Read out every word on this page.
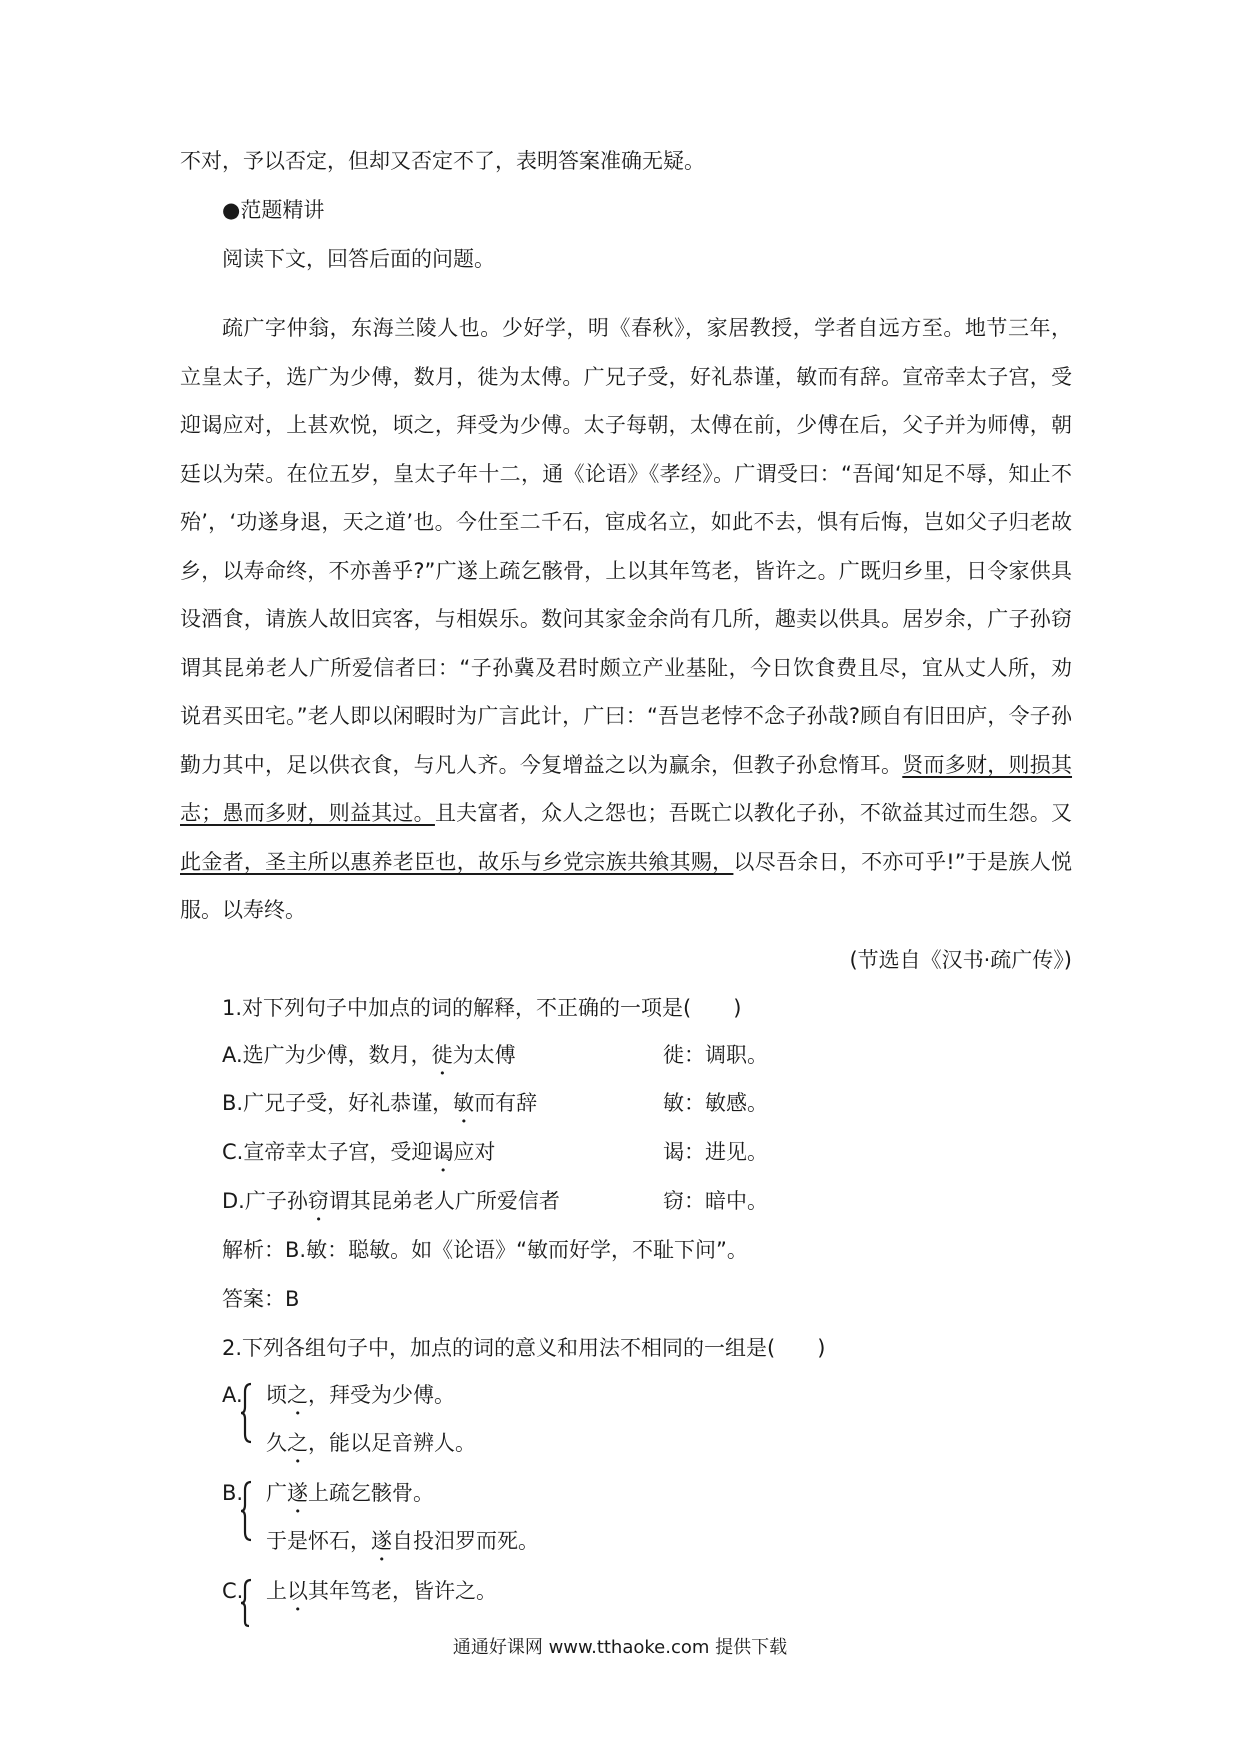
不对，予以否定，但却又否定不了，表明答案准确无疑。
●范题精讲
阅读下文，回答后面的问题。
疏广字仲翁，东海兰陵人也。少好学，明《春秋》，家居教授，学者自远方至。地节三年，立皇太子，选广为少傅，数月，徙为太傅。广兄子受，好礼恭谨，敏而有辞。宣帝幸太子宫，受迎谒应对，上甚欢悦，顷之，拜受为少傅。太子每朝，太傅在前，少傅在后，父子并为师傅，朝廷以为荣。在位五岁，皇太子年十二，通《论语》《孝经》。广谓受曰：“吾闻‘知足不辱，知止不殆’，‘功遂身退，天之道’也。今仕至二千石，宦成名立，如此不去，惧有后悔，岂如父子归老故乡，以寿命终，不亦善乎?”广遂上疏乞骸骨，上以其年笃老，皆许之。广既归乡里，日令家供具设酒食，请族人故旧宾客，与相娱乐。数问其家金余尚有几所，趣卖以供具。居岁余，广子孙窃谓其昆弟老人广所爱信者曰：“子孙冀及君时颇立产业基阯，今日饮食费且尽，宜从丈人所，劝说君买田宅。”老人即以闲暇时为广言此计，广曰：“吾岂老悖不念子孙哉?顾自有旧田庐，令子孙勤力其中，足以供衣食，与凡人齐。今复增益之以为赢余，但教子孙怠惰耳。贤而多财，则损其志；愚而多财，则益其过。且夫富者，众人之怨也；吾既亡以教化子孙，不欲益其过而生怨。又此金者，圣主所以惠养老臣也，故乐与乡党宗族共飨其赐，以尽吾余日，不亦可乎!”于是族人悦服。以寿终。
(节选自《汉书·疏广传》)
1.对下列句子中加点的词的解释，不正确的一项是(　　)
A.选广为少傅，数月，徙为太傅	徙：调职。
B.广兄子受，好礼恭谨，敏而有辞	敏：敏感。
C.宣帝幸太子宫，受迎谒应对	谒：进见。
D.广子孙窃谓其昆弟老人广所爱信者	窃：暗中。
解析：B.敏：聪敏。如《论语》“敏而好学，不耻下问”。
答案：B
2.下列各组句子中，加点的词的意义和用法不相同的一组是(　　)
A. 顷之，拜受为少傅。
久之，能以足音辨人。
B. 广遂上疏乞骸骨。
于是怀石，遂自投汨罗而死。
C. 上以其年笃老，皆许之。
通通好课网 www.tthaoke.com 提供下载
